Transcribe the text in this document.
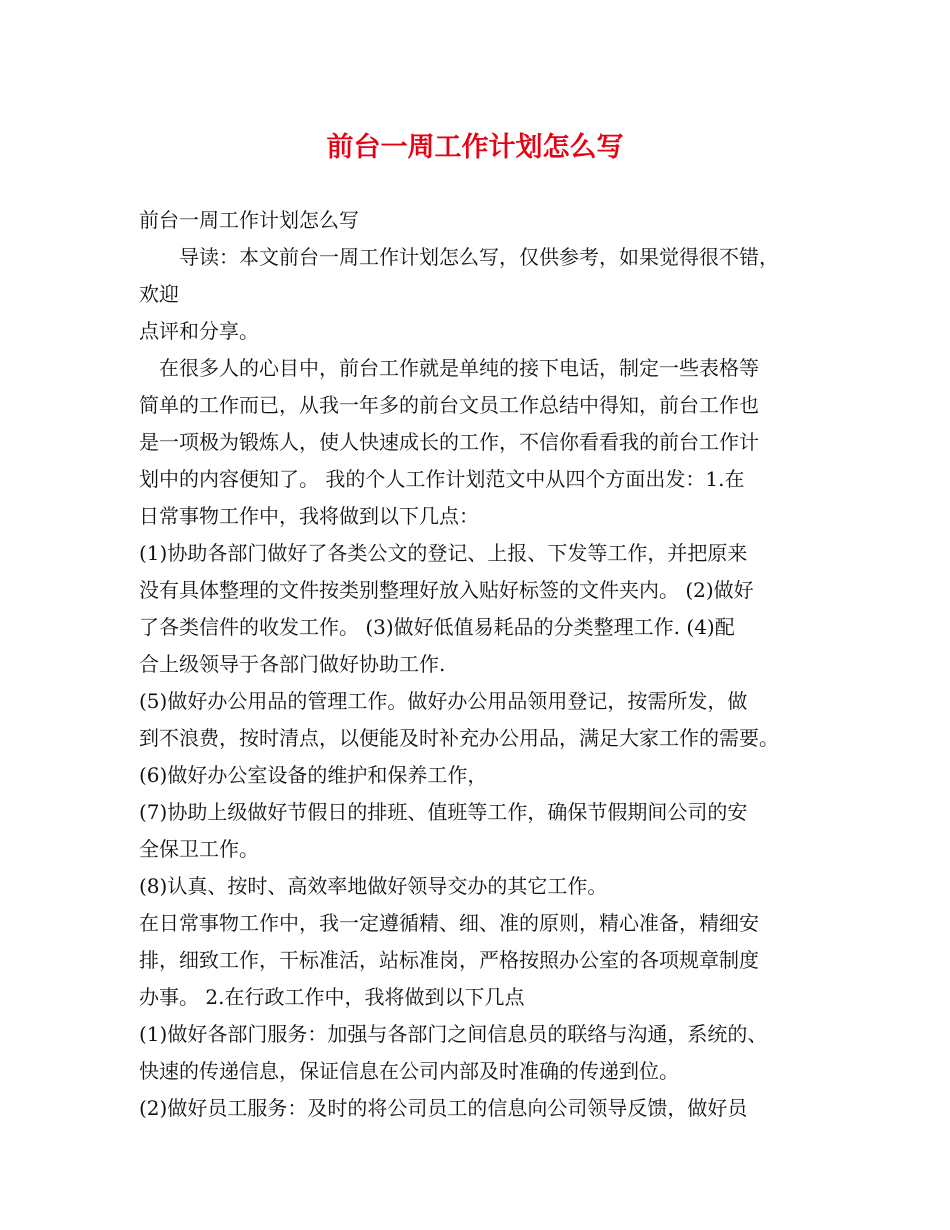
前台一周工作计划怎么写
前台一周工作计划怎么写
　　导读：本文前台一周工作计划怎么写，仅供参考，如果觉得很不错，
欢迎
点评和分享。
　在很多人的心目中，前台工作就是单纯的接下电话，制定一些表格等
简单的工作而已，从我一年多的前台文员工作总结中得知，前台工作也
是一项极为锻炼人，使人快速成长的工作，不信你看看我的前台工作计
划中的内容便知了。 我的个人工作计划范文中从四个方面出发：1.在
日常事物工作中，我将做到以下几点：
(1)协助各部门做好了各类公文的登记、上报、下发等工作，并把原来
没有具体整理的文件按类别整理好放入贴好标签的文件夹内。 (2)做好
了各类信件的收发工作。 (3)做好低值易耗品的分类整理工作. (4)配
合上级领导于各部门做好协助工作.
(5)做好办公用品的管理工作。做好办公用品领用登记，按需所发，做
到不浪费，按时清点，以便能及时补充办公用品，满足大家工作的需要。
(6)做好办公室设备的维护和保养工作，
(7)协助上级做好节假日的排班、值班等工作，确保节假期间公司的安
全保卫工作。
(8)认真、按时、高效率地做好领导交办的其它工作。
在日常事物工作中，我一定遵循精、细、准的原则，精心准备，精细安
排，细致工作，干标准活，站标准岗，严格按照办公室的各项规章制度
办事。 2.在行政工作中，我将做到以下几点
(1)做好各部门服务：加强与各部门之间信息员的联络与沟通，系统的、
快速的传递信息，保证信息在公司内部及时准确的传递到位。
(2)做好员工服务：及时的将公司员工的信息向公司领导反馈，做好员
